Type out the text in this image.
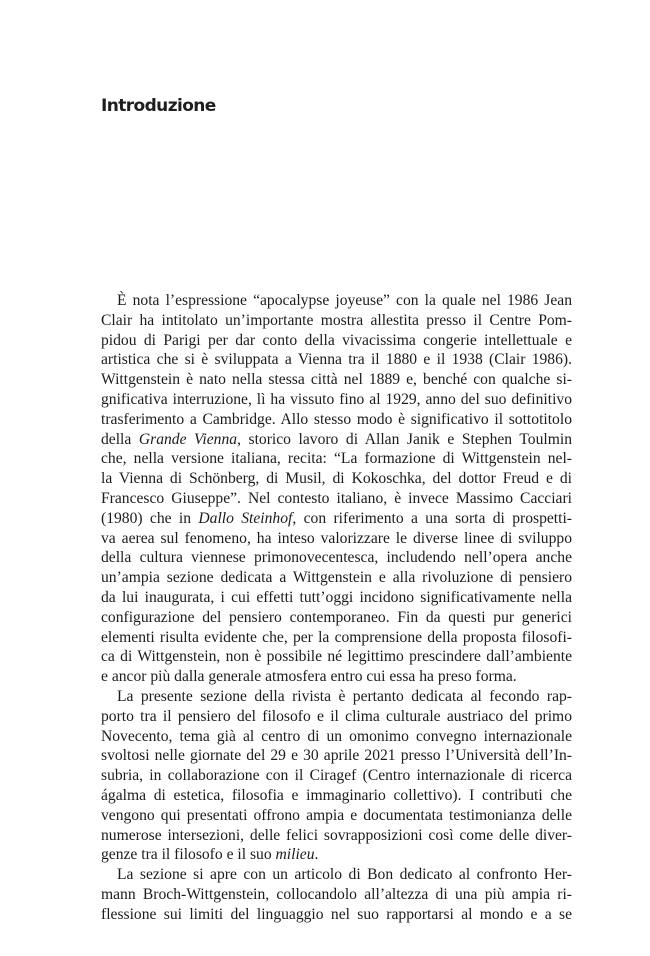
Introduzione
È nota l’espressione “apocalypse joyeuse” con la quale nel 1986 Jean
Clair ha intitolato un’importante mostra allestita presso il Centre Pom-
pidou di Parigi per dar conto della vivacissima congerie intellettuale e
artistica che si è sviluppata a Vienna tra il 1880 e il 1938 (Clair 1986).
Wittgenstein è nato nella stessa città nel 1889 e, benché con qualche si-
gnificativa interruzione, lì ha vissuto fino al 1929, anno del suo definitivo
trasferimento a Cambridge. Allo stesso modo è significativo il sottotitolo
della Grande Vienna, storico lavoro di Allan Janik e Stephen Toulmin
che, nella versione italiana, recita: “La formazione di Wittgenstein nel-
la Vienna di Schönberg, di Musil, di Kokoschka, del dottor Freud e di
Francesco Giuseppe”. Nel contesto italiano, è invece Massimo Cacciari
(1980) che in Dallo Steinhof, con riferimento a una sorta di prospetti-
va aerea sul fenomeno, ha inteso valorizzare le diverse linee di sviluppo
della cultura viennese primonovecentesca, includendo nell’opera anche
un’ampia sezione dedicata a Wittgenstein e alla rivoluzione di pensiero
da lui inaugurata, i cui effetti tutt’oggi incidono significativamente nella
configurazione del pensiero contemporaneo. Fin da questi pur generici
elementi risulta evidente che, per la comprensione della proposta filosofi-
ca di Wittgenstein, non è possibile né legittimo prescindere dall’ambiente
e ancor più dalla generale atmosfera entro cui essa ha preso forma.
La presente sezione della rivista è pertanto dedicata al fecondo rap-
porto tra il pensiero del filosofo e il clima culturale austriaco del primo
Novecento, tema già al centro di un omonimo convegno internazionale
svoltosi nelle giornate del 29 e 30 aprile 2021 presso l’Università dell’In-
subria, in collaborazione con il Ciragef (Centro internazionale di ricerca
ágalma di estetica, filosofia e immaginario collettivo). I contributi che
vengono qui presentati offrono ampia e documentata testimonianza delle
numerose intersezioni, delle felici sovrapposizioni così come delle diver-
genze tra il filosofo e il suo milieu.
La sezione si apre con un articolo di Bon dedicato al confronto Her-
mann Broch-Wittgenstein, collocandolo all’altezza di una più ampia ri-
flessione sui limiti del linguaggio nel suo rapportarsi al mondo e a se
